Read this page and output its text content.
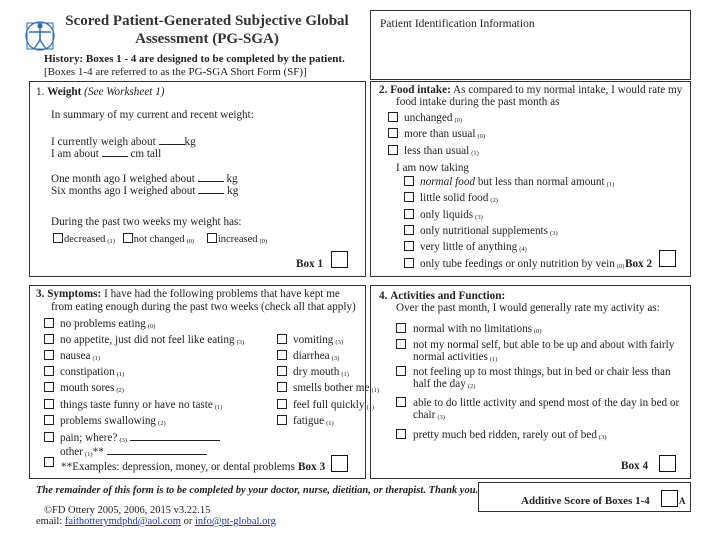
Scored Patient-Generated Subjective Global
Assessment (PG-SGA)
History: Boxes 1 - 4 are designed to be completed by the patient.
[Boxes 1-4 are referred to as the PG-SGA Short Form (SF)]
Patient Identification Information
1. Weight (See Worksheet 1)
In summary of my current and recent weight:
I currently weigh about	kg
I am about	cm tall
One month ago I weighed about	kg
Six months ago I weighed about	kg
During the past two weeks my weight has:
decreased (1) not changed (0) increased (0)
Box 1
2. Food intake: As compared to my normal intake, I would rate my
food intake during the past month as
unchanged (0)
more than usual (0)
less than usual (1)
I am now taking
normal food but less than normal amount (1)
little solid food (2)
only liquids (3)
only nutritional supplements (3)
very little of anything (4)
only tube feedings or only nutrition by vein (0) Box 2
3. Symptoms: I have had the following problems that have kept me
from eating enough during the past two weeks (check all that apply)
no problems eating (0)
no appetite, just did not feel like eating (3)
nausea (1)
constipation (1)
mouth sores (2)
things taste funny or have no taste (1)
problems swallowing (2)
pain; where? (3)
other (1)**
**Examples: depression, money, or dental problems
vomiting (3)
diarrhea (3)
dry mouth (1)
smells bother me (1)
feel full quickly (1)
fatigue (1)
Box 3
4. Activities and Function:
Over the past month, I would generally rate my activity as:
normal with no limitations (0)
not my normal self, but able to be up and about with fairly
normal activities (1)
not feeling up to most things, but in bed or chair less than
half the day (2)
able to do little activity and spend most of the day in bed or
chair (3)
pretty much bed ridden, rarely out of bed (3)
Box 4
The remainder of this form is to be completed by your doctor, nurse, dietitian, or therapist. Thank you.
©FD Ottery 2005, 2006, 2015 v3.22.15
email: faithotterymdphd@aol.com or info@pt-global.org
Additive Score of Boxes 1-4	A
